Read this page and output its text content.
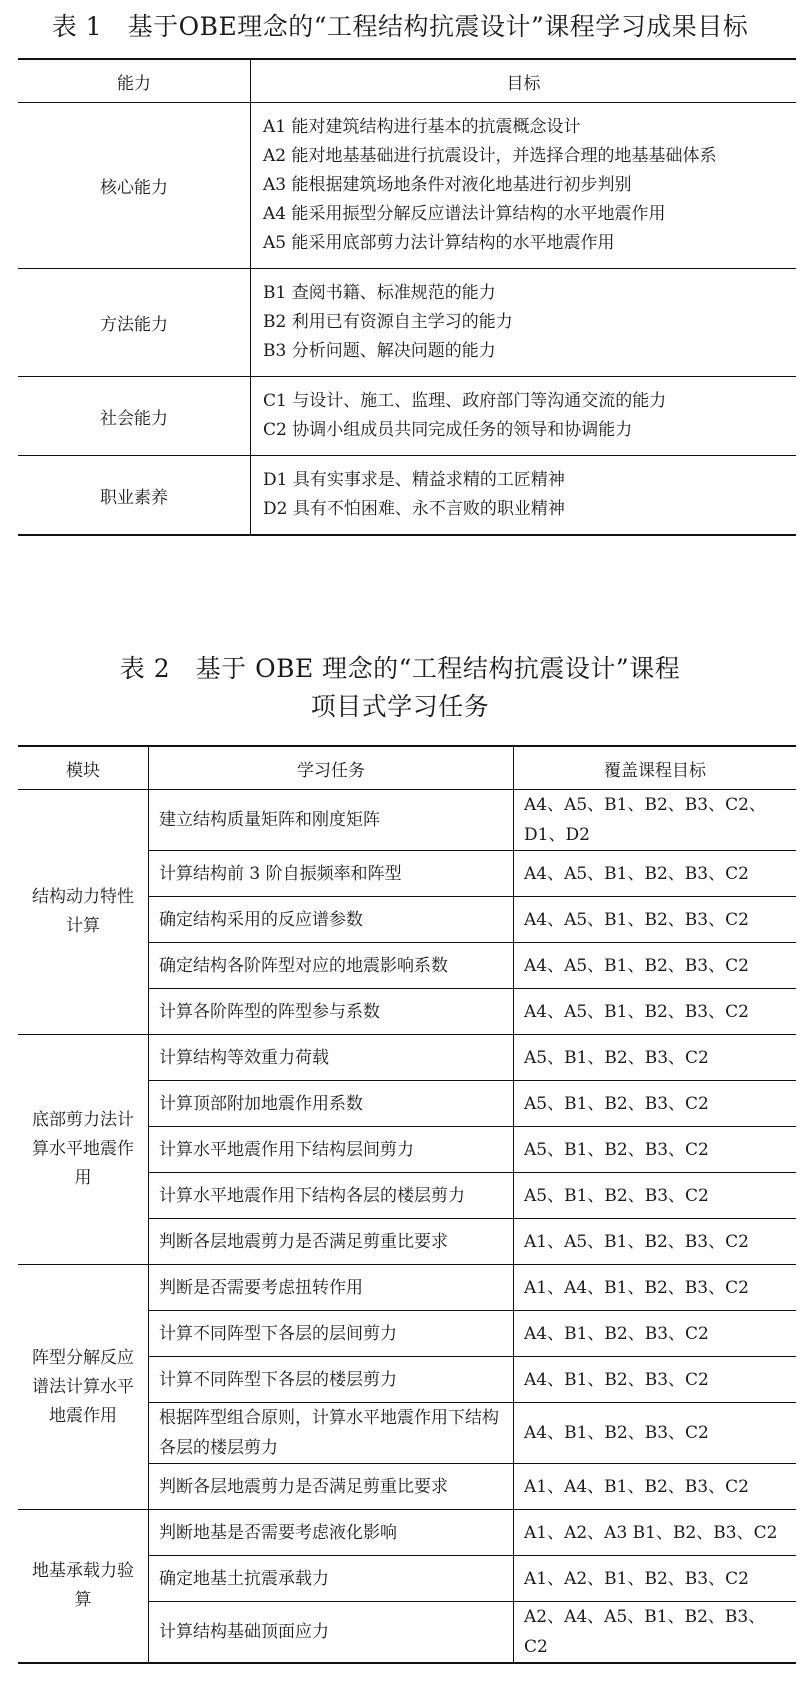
表 1　基于OBE理念的“工程结构抗震设计”课程学习成果目标
能力	目标
核心能力	A1 能对建筑结构进行基本的抗震概念设计
A2 能对地基基础进行抗震设计，并选择合理的地基基础体系
A3 能根据建筑场地条件对液化地基进行初步判别
A4 能采用振型分解反应谱法计算结构的水平地震作用
A5 能采用底部剪力法计算结构的水平地震作用

方法能力	B1 查阅书籍、标准规范的能力
B2 利用已有资源自主学习的能力
B3 分析问题、解决问题的能力

社会能力	C1 与设计、施工、监理、政府部门等沟通交流的能力
C2 协调小组成员共同完成任务的领导和协调能力

职业素养	D1 具有实事求是、精益求精的工匠精神
D2 具有不怕困难、永不言败的职业精神
表 2　基于 OBE 理念的“工程结构抗震设计”课程
项目式学习任务
模块	学习任务	覆盖课程目标
结构动力特性计算	建立结构质量矩阵和刚度矩阵	A4、A5、B1、B2、B3、C2、D1、D2
	计算结构前 3 阶自振频率和阵型	A4、A5、B1、B2、B3、C2
	确定结构采用的反应谱参数	A4、A5、B1、B2、B3、C2
	确定结构各阶阵型对应的地震影响系数	A4、A5、B1、B2、B3、C2
	计算各阶阵型的阵型参与系数	A4、A5、B1、B2、B3、C2
底部剪力法计算水平地震作用	计算结构等效重力荷载	A5、B1、B2、B3、C2
	计算顶部附加地震作用系数	A5、B1、B2、B3、C2
	计算水平地震作用下结构层间剪力	A5、B1、B2、B3、C2
	计算水平地震作用下结构各层的楼层剪力	A5、B1、B2、B3、C2
	判断各层地震剪力是否满足剪重比要求	A1、A5、B1、B2、B3、C2
阵型分解反应谱法计算水平地震作用	判断是否需要考虑扭转作用	A1、A4、B1、B2、B3、C2
	计算不同阵型下各层的层间剪力	A4、B1、B2、B3、C2
	计算不同阵型下各层的楼层剪力	A4、B1、B2、B3、C2
	根据阵型组合原则，计算水平地震作用下结构各层的楼层剪力	A4、B1、B2、B3、C2
	判断各层地震剪力是否满足剪重比要求	A1、A4、B1、B2、B3、C2
地基承载力验算	判断地基是否需要考虑液化影响	A1、A2、A3 B1、B2、B3、C2
	确定地基土抗震承载力	A1、A2、B1、B2、B3、C2
	计算结构基础顶面应力	A2、A4、A5、B1、B2、B3、C2
